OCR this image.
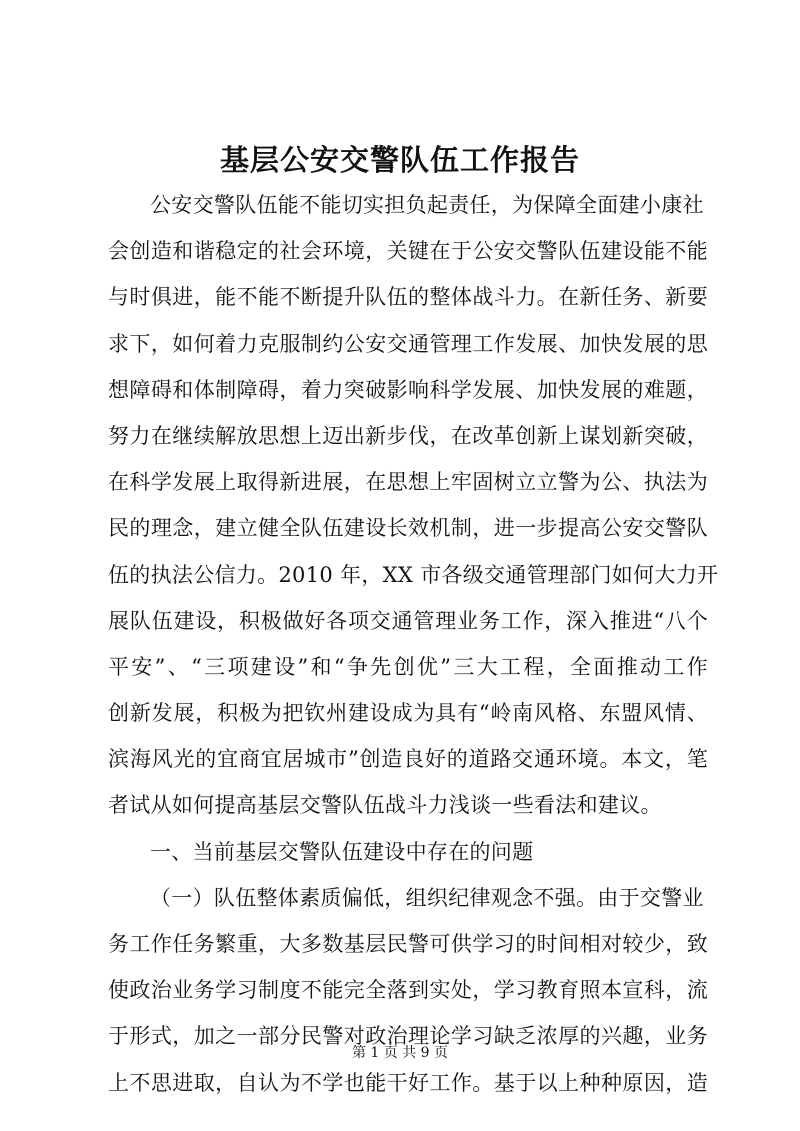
基层公安交警队伍工作报告
公安交警队伍能不能切实担负起责任，为保障全面建小康社
会创造和谐稳定的社会环境，关键在于公安交警队伍建设能不能
与时俱进，能不能不断提升队伍的整体战斗力。在新任务、新要
求下，如何着力克服制约公安交通管理工作发展、加快发展的思
想障碍和体制障碍，着力突破影响科学发展、加快发展的难题，
努力在继续解放思想上迈出新步伐，在改革创新上谋划新突破，
在科学发展上取得新进展，在思想上牢固树立立警为公、执法为
民的理念，建立健全队伍建设长效机制，进一步提高公安交警队
伍的执法公信力。2010 年，XX 市各级交通管理部门如何大力开
展队伍建设，积极做好各项交通管理业务工作，深入推进“八个
平安”、“三项建设”和“争先创优”三大工程，全面推动工作
创新发展，积极为把钦州建设成为具有“岭南风格、东盟风情、
滨海风光的宜商宜居城市”创造良好的道路交通环境。本文，笔
者试从如何提高基层交警队伍战斗力浅谈一些看法和建议。
一、当前基层交警队伍建设中存在的问题
（一）队伍整体素质偏低，组织纪律观念不强。由于交警业
务工作任务繁重，大多数基层民警可供学习的时间相对较少，致
使政治业务学习制度不能完全落到实处，学习教育照本宣科，流
于形式，加之一部分民警对政治理论学习缺乏浓厚的兴趣，业务
上不思进取，自认为不学也能干好工作。基于以上种种原因，造
第 1 页 共 9 页
